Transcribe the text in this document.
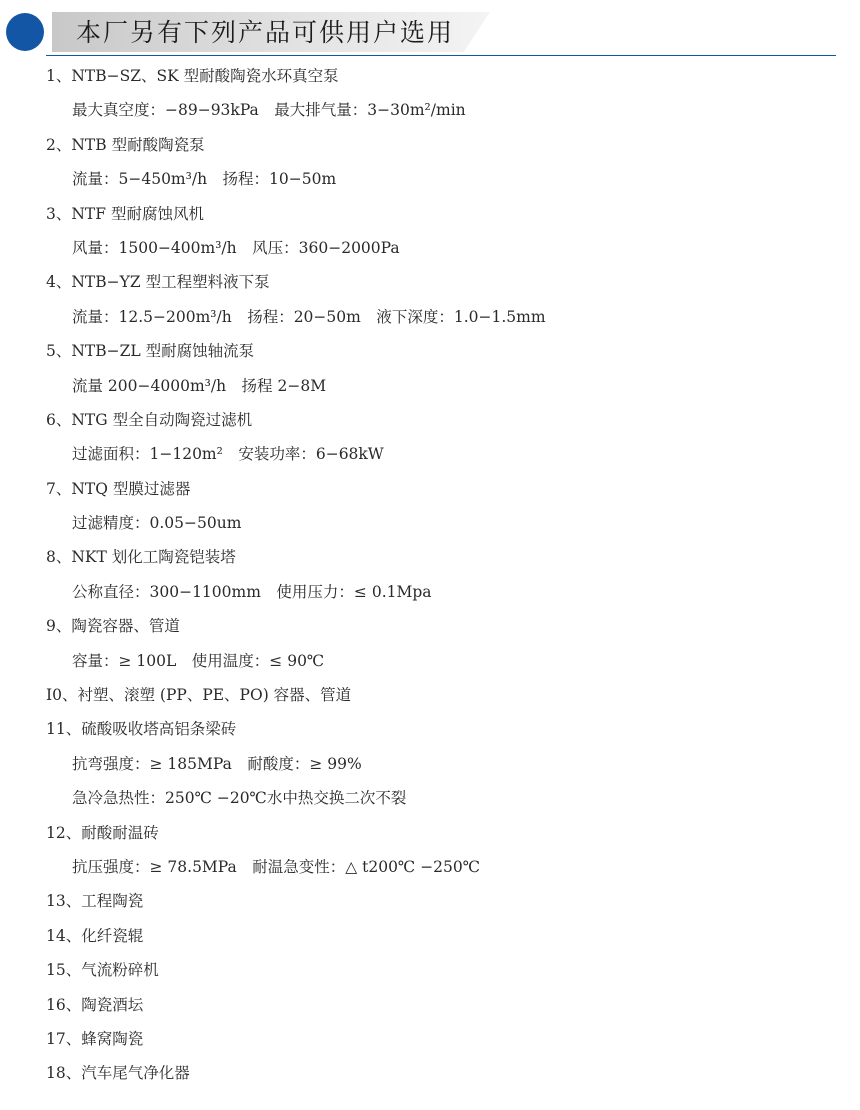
本厂另有下列产品可供用户选用
1、NTB−SZ、SK 型耐酸陶瓷水环真空泵
最大真空度：−89−93kPa　最大排气量：3−30m²/min
2、NTB 型耐酸陶瓷泵
流量：5−450m³/h　扬程：10−50m
3、NTF 型耐腐蚀风机
风量：1500−400m³/h　风压：360−2000Pa
4、NTB−YZ 型工程塑料液下泵
流量：12.5−200m³/h　扬程：20−50m　液下深度：1.0−1.5mm
5、NTB−ZL 型耐腐蚀轴流泵
流量 200−4000m³/h　扬程 2−8M
6、NTG 型全自动陶瓷过滤机
过滤面积：1−120m²　安装功率：6−68kW
7、NTQ 型膜过滤器
过滤精度：0.05−50um
8、NKT 划化工陶瓷铠装塔
公称直径：300−1100mm　使用压力：≤ 0.1Mpa
9、陶瓷容器、管道
容量：≥ 100L　使用温度：≤ 90℃
I0、衬塑、滚塑 (PP、PE、PO) 容器、管道
11、硫酸吸收塔高铝条梁砖
抗弯强度：≥ 185MPa　耐酸度：≥ 99%
急冷急热性：250℃ −20℃水中热交换二次不裂
12、耐酸耐温砖
抗压强度：≥ 78.5MPa　耐温急变性：△ t200℃ −250℃
13、工程陶瓷
14、化纤瓷辊
15、气流粉碎机
16、陶瓷酒坛
17、蜂窝陶瓷
18、汽车尾气净化器
